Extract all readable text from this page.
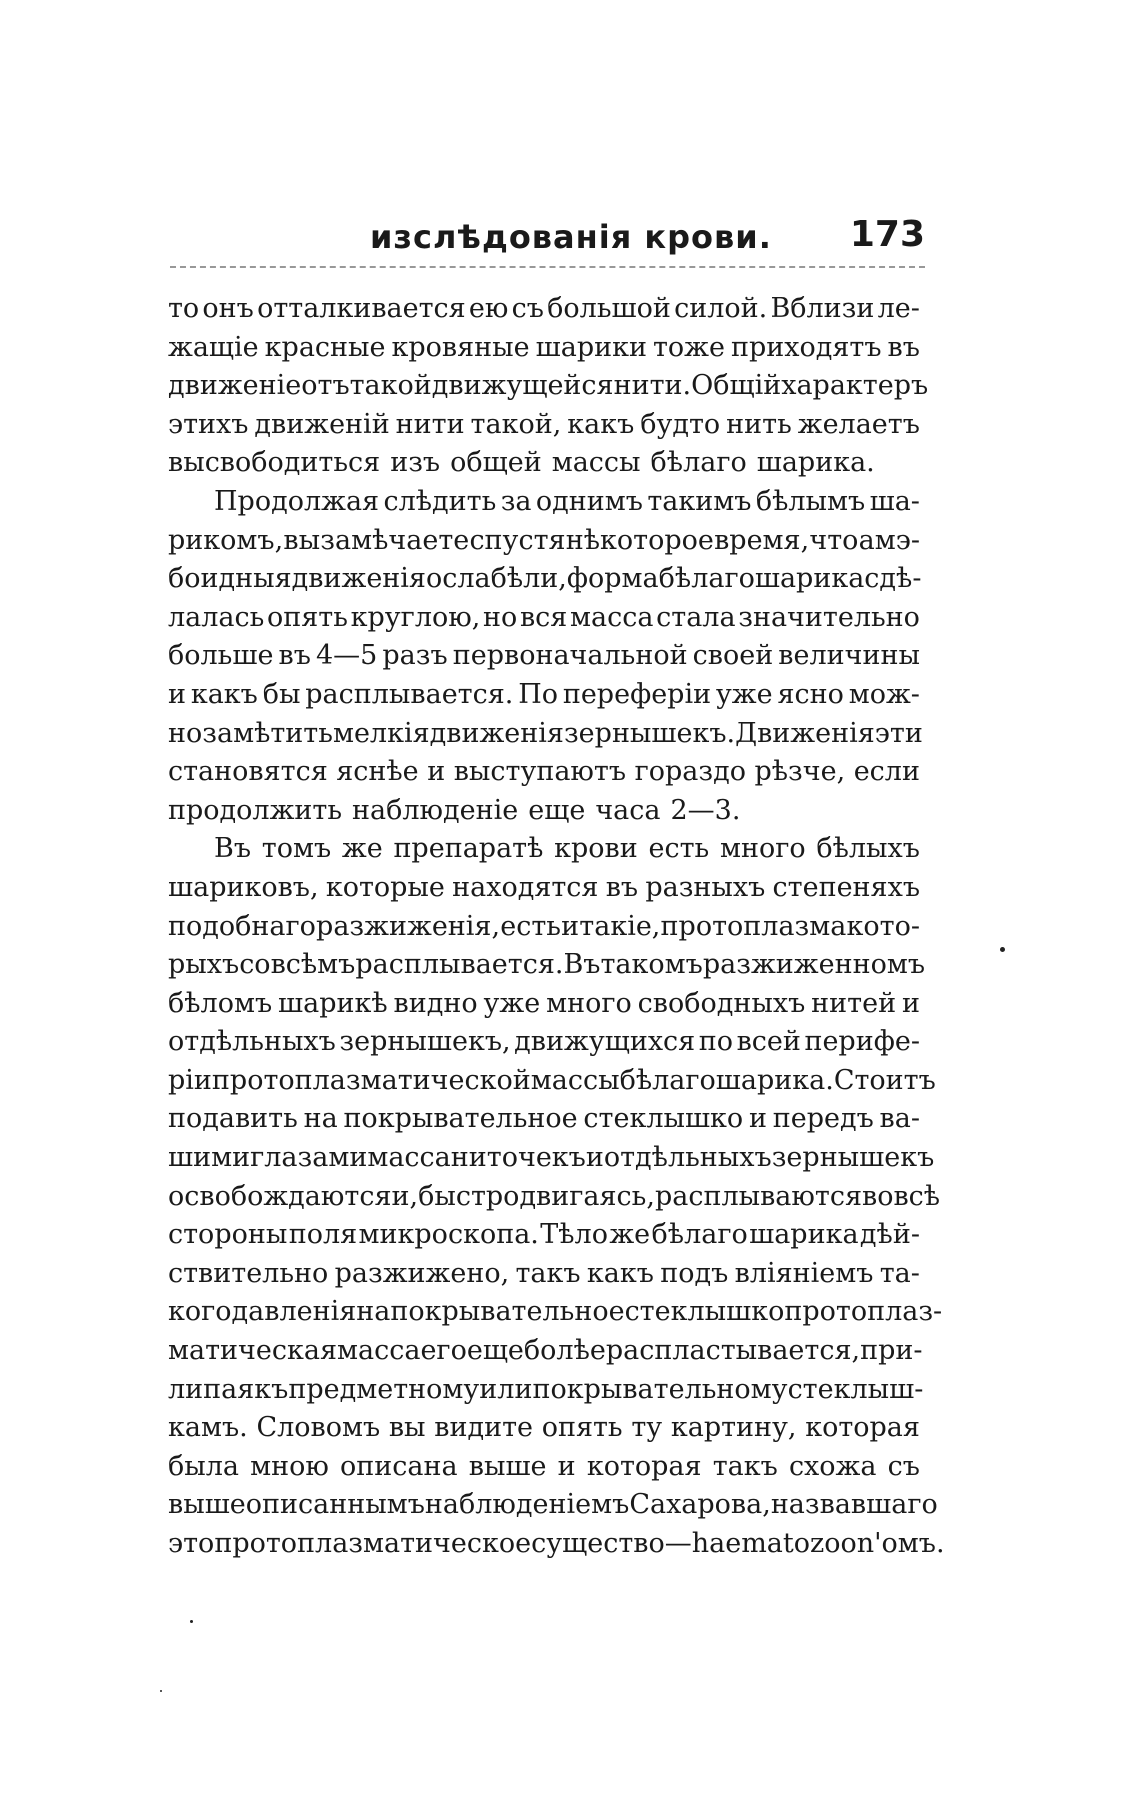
изслѣдованія крови. 173
то онъ отталкивается ею съ большой силой. Вблизи ле-
жащіе красные кровяные шарики тоже приходятъ въ
движеніе отъ такой движущейся нити. Общій характеръ
этихъ движеній нити такой, какъ будто нить желаетъ
высвободиться изъ общей массы бѣлаго шарика.
Продолжая слѣдить за однимъ такимъ бѣлымъ ша-
рикомъ, вы замѣчаете спустя нѣкоторое время, что амэ-
боидныя движенія ослабѣли, форма бѣлаго шарика сдѣ-
лалась опять круглою, но вся масса стала значительно
больше въ 4—5 разъ первоначальной своей величины
и какъ бы расплывается. По переферіи уже ясно мож-
но замѣтить мелкія движенія зернышекъ. Движенія эти
становятся яснѣе и выступаютъ гораздо рѣзче, если
продолжить наблюденіе еще часа 2—3.
Въ томъ же препаратѣ крови есть много бѣлыхъ
шариковъ, которые находятся въ разныхъ степеняхъ
подобнаго разжиженія, есть и такіе, протоплазма кото-
рыхъ совсѣмъ расплывается. Въ такомъ разжиженномъ
бѣломъ шарикѣ видно уже много свободныхъ нитей и
отдѣльныхъ зернышекъ, движущихся по всей перифе-
ріи протоплазматической массы бѣлаго шарика. Стоитъ
подавить на покрывательное стеклышко и передъ ва-
шими глазами масса ниточекъ и отдѣльныхъ зернышекъ
освобождаются и, быстро двигаясь, расплываются во всѣ
стороны поля микроскопа. Тѣло же бѣлаго шарика дѣй-
ствительно разжижено, такъ какъ подъ вліяніемъ та-
кого давленія на покрывательное стеклышко протоплаз-
матическая масса его еще болѣе распластывается, при-
липая къ предметному или покрывательному стеклыш-
камъ. Словомъ вы видите опять ту картину, которая
была мною описана выше и которая такъ схожа съ
вышеописаннымъ наблюденіемъ Сахарова, назвавшаго
это протоплазматическое существо — haematozoon'омъ.
